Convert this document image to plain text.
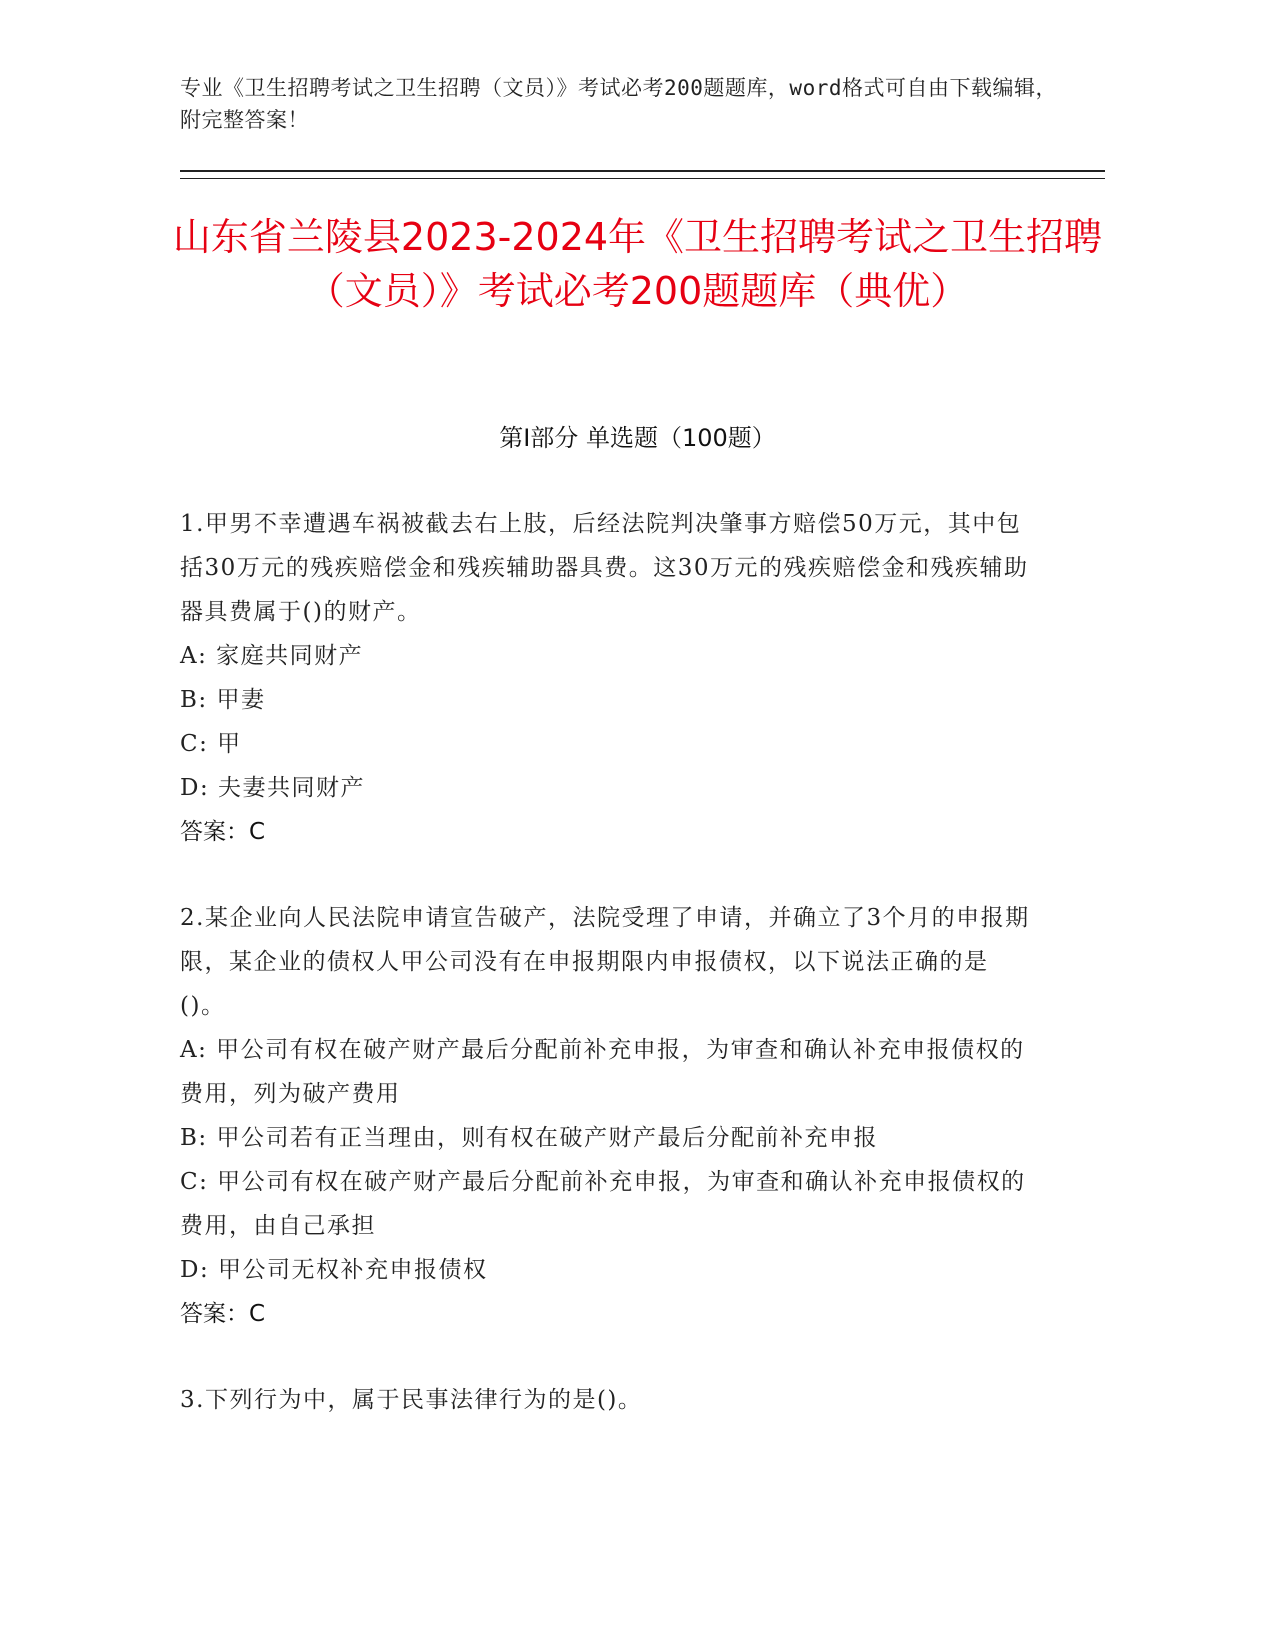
专业《卫生招聘考试之卫生招聘（文员）》考试必考200题题库，word格式可自由下载编辑，附完整答案！
山东省兰陵县2023-2024年《卫生招聘考试之卫生招聘（文员）》考试必考200题题库（典优）
第Ⅰ部分 单选题（100题）

1.甲男不幸遭遇车祸被截去右上肢，后经法院判决肇事方赔偿50万元，其中包括30万元的残疾赔偿金和残疾辅助器具费。这30万元的残疾赔偿金和残疾辅助器具费属于()的财产。

A: 家庭共同财产

B: 甲妻

C: 甲

D: 夫妻共同财产

答案：C

2.某企业向人民法院申请宣告破产，法院受理了申请，并确立了3个月的申报期限，某企业的债权人甲公司没有在申报期限内申报债权，以下说法正确的是()。

A: 甲公司有权在破产财产最后分配前补充申报，为审查和确认补充申报债权的费用，列为破产费用

B: 甲公司若有正当理由，则有权在破产财产最后分配前补充申报

C: 甲公司有权在破产财产最后分配前补充申报，为审查和确认补充申报债权的费用，由自己承担

D: 甲公司无权补充申报债权

答案：C

3.下列行为中，属于民事法律行为的是()。
